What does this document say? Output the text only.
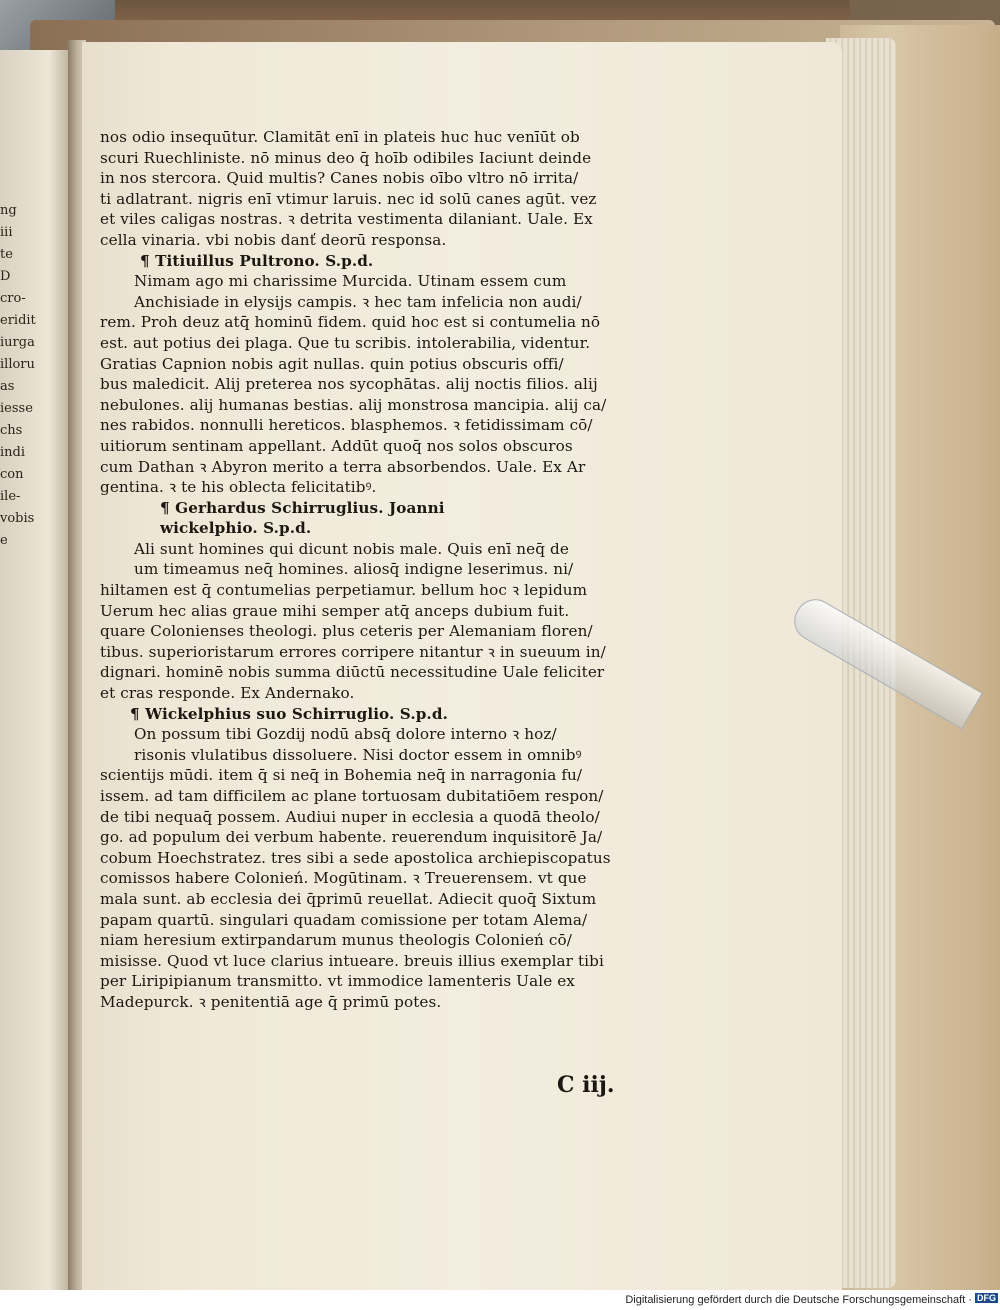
ng
iii
te
D
cro-
eridit
iurga
illoru
as
iesse
chs
indi
con
ile-
vobis
e
nos odio insequūtur. Clamitāt enī in plateis huc huc venīūt ob
scuri Ruechliniste. nō minus deo q̄ hoīb odibiles Iaciunt deinde
in nos stercora. Quid multis? Canes nobis oībo vltro nō irrita/
ti adlatrant. nigris enī vtimur laruis. nec id solū canes agūt. vez
et viles caligas nostras. ꝛ detrita vestimenta dilaniant. Uale. Ex
cella vinaria. vbi nobis danť deorū responsa.
¶ Titiuillus Pultrono. S.p.d.
Nimam ago mi charissime Murcida. Utinam essem cum
Anchisiade in elysijs campis. ꝛ hec tam infelicia non audi/
rem. Proh deuz atq̄ hominū fidem. quid hoc est si contumelia nō
est. aut potius dei plaga. Que tu scribis. intolerabilia, videntur.
Gratias Capnion nobis agit nullas. quin potius obscuris offi/
bus maledicit. Alij preterea nos sycophātas. alij noctis filios. alij
nebulones. alij humanas bestias. alij monstrosa mancipia. alij ca/
nes rabidos. nonnulli hereticos. blasphemos. ꝛ fetidissimam cō/
uitiorum sentinam appellant. Addūt quoq̄ nos solos obscuros
cum Dathan ꝛ Abyron merito a terra absorbendos. Uale. Ex Ar
gentina. ꝛ te his oblecta felicitatibꝰ.
¶ Gerhardus Schirruglius. Joanni
wickelphio. S.p.d.
Ali sunt homines qui dicunt nobis male. Quis enī neq̄ de
um timeamus neq̄ homines. aliosq̄ indigne leserimus. ni/
hiltamen est q̄ contumelias perpetiamur. bellum hoc ꝛ lepidum
Uerum hec alias graue mihi semper atq̄ anceps dubium fuit.
quare Colonienses theologi. plus ceteris per Alemaniam floren/
tibus. superioristarum errores corripere nitantur ꝛ in sueuum in/
dignari. hominē nobis summa diūctū necessitudine Uale feliciter
et cras responde. Ex Andernako.
¶ Wickelphius suo Schirruglio. S.p.d.
On possum tibi Gozdij nodū absq̄ dolore interno ꝛ hoz/
risonis vlulatibus dissoluere. Nisi doctor essem in omnibꝰ
scientijs mūdi. item q̄ si neq̄ in Bohemia neq̄ in narragonia fu/
issem. ad tam difficilem ac plane tortuosam dubitatiōem respon/
de tibi nequaq̄ possem. Audiui nuper in ecclesia a quodā theolo/
go. ad populum dei verbum habente. reuerendum inquisitorē Ja/
cobum Hoechstratez. tres sibi a sede apostolica archiepiscopatus
comissos habere Colonień. Mogūtinam. ꝛ Treuerensem. vt que
mala sunt. ab ecclesia dei q̄primū reuellat. Adiecit quoq̄ Sixtum
papam quartū. singulari quadam comissione per totam Alema/
niam heresium extirpandarum munus theologis Colonień cō/
misisse. Quod vt luce clarius intueare. breuis illius exemplar tibi
per Liripipianum transmitto. vt immodice lamenteris Uale ex
Madepurck. ꝛ penitentiā age q̄ primū potes.
C iij.
Digitalisierung gefördert durch die Deutsche Forschungsgemeinschaft · DFG
